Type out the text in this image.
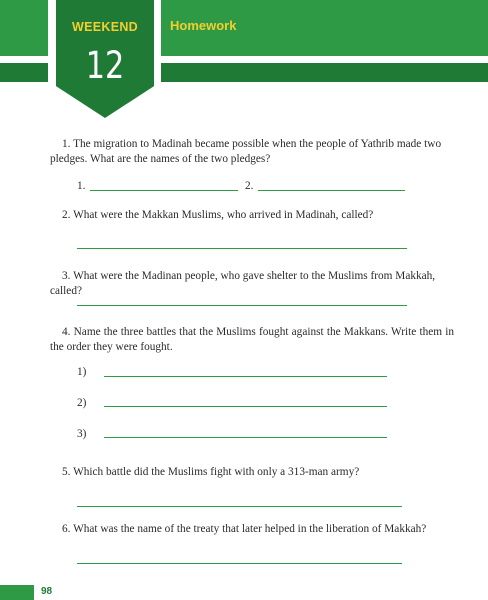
WEEKEND
12
Homework
1. The migration to Madinah became possible when the people of Yathrib made two pledges. What are the names of the two pledges?
1.	2.
2. What were the Makkan Muslims, who arrived in Madinah, called?
3. What were the Madinan people, who gave shelter to the Muslims from Makkah, called?
4. Name the three battles that the Muslims fought against the Makkans. Write them in the order they were fought.
1)
2)
3)
5. Which battle did the Muslims fight with only a 313-man army?
6. What was the name of the treaty that later helped in the liberation of Makkah?
98
